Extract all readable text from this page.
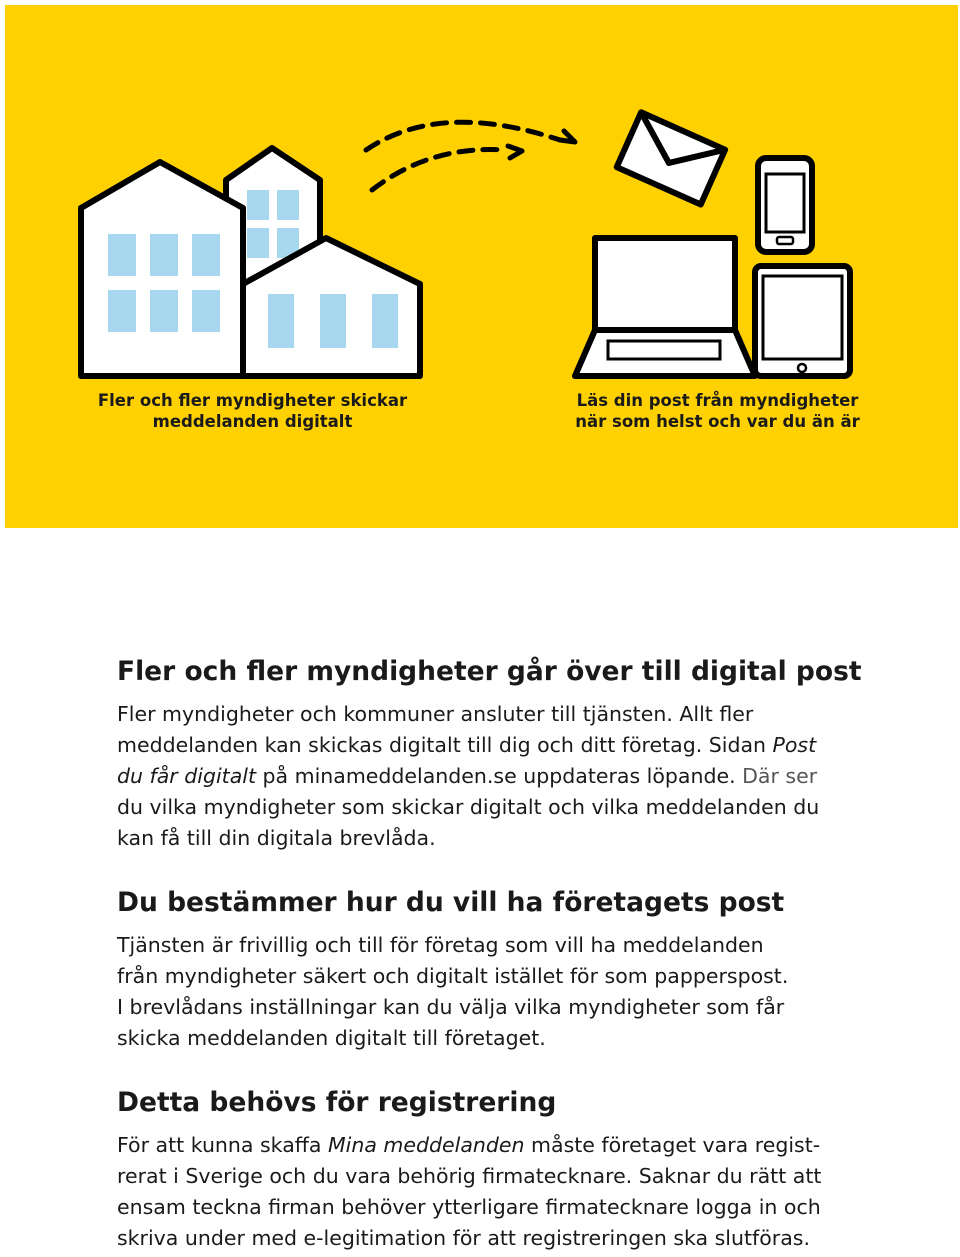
Fler och fler myndigheter skickar
meddelanden digitalt
Läs din post från myndigheter
när som helst och var du än är
Fler och fler myndigheter går över till digital post
Fler myndigheter och kommuner ansluter till tjänsten. Allt fler
meddelanden kan skickas digitalt till dig och ditt företag. Sidan Post
du får digitalt på minameddelanden.se uppdateras löpande. Där ser
du vilka myndigheter som skickar digitalt och vilka meddelanden du
kan få till din digitala brevlåda.
Du bestämmer hur du vill ha företagets post
Tjänsten är frivillig och till för företag som vill ha meddelanden
från myndigheter säkert och digitalt istället för som papperspost.
I brevlådans inställningar kan du välja vilka myndigheter som får
skicka meddelanden digitalt till företaget.
Detta behövs för registrering
För att kunna skaffa Mina meddelanden måste företaget vara regist-
rerat i Sverige och du vara behörig firmatecknare. Saknar du rätt att
ensam teckna firman behöver ytterligare firmatecknare logga in och
skriva under med e-legitimation för att registreringen ska slutföras.
